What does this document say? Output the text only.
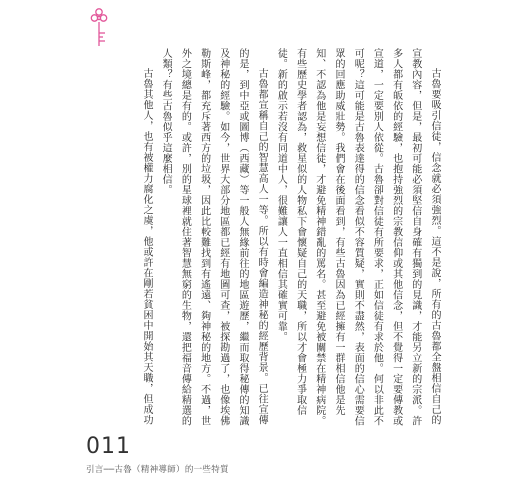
古魯要吸引信徒，信念就必須強烈。這不是說，所有的古魯都全盤相信自己的宣教內容，但是，最初可能必須堅信自身確有獨到的見識，才能另立新的宗派。許多人都有皈依的經驗，也抱持強烈的宗教信仰或其他信念，但不覺得一定要傳教或宣道，一定要別人依從。古魯卻對信徒有所要求，正如信徒有求於他。何以非此不可呢？這可能是古魯表達得的信念看似不容質疑，實則不盡然，表面的信心需要信眾的回應助威壯勢。我們會在後面看到，有些古魯因為已經擁有一群相信他是先知、不認為他是妄想信徒，才避免精神錯亂的罵名。甚至避免被關禁在精神病院。有些歷史學者認為，救星似的人物私下會懷疑自己的天職，所以才會極力爭取信徒。新的啟示若沒有同道中人，很難讓人一直相信其確實可靠。

古魯都宣稱自己的智慧高人一等。所以有時會編造神秘的經歷背景。已往宣傳的是，到中亞或圖博（西藏）等一般人無緣前往的地區遊歷，繼而取得秘傳的知識及神秘的經驗。如今，世界大部分地區都已經有地圖可查，被探勘過了，也像埃佛勒斯峰，都充斥著西方的垃圾，因此比較難找到有遙遠、夠神秘的地方。不過，世外之境總是有的。或許，別的星球裡就住著智慧無窮的生物，還把福音傳給精選的人類？有些古魯似乎這麼相信。

古魯其他人，也有被權力腐化之虞，他或許在剛若貧困中開始其天職，但成功

011
引言──古魯（精神導師）的一些特質
